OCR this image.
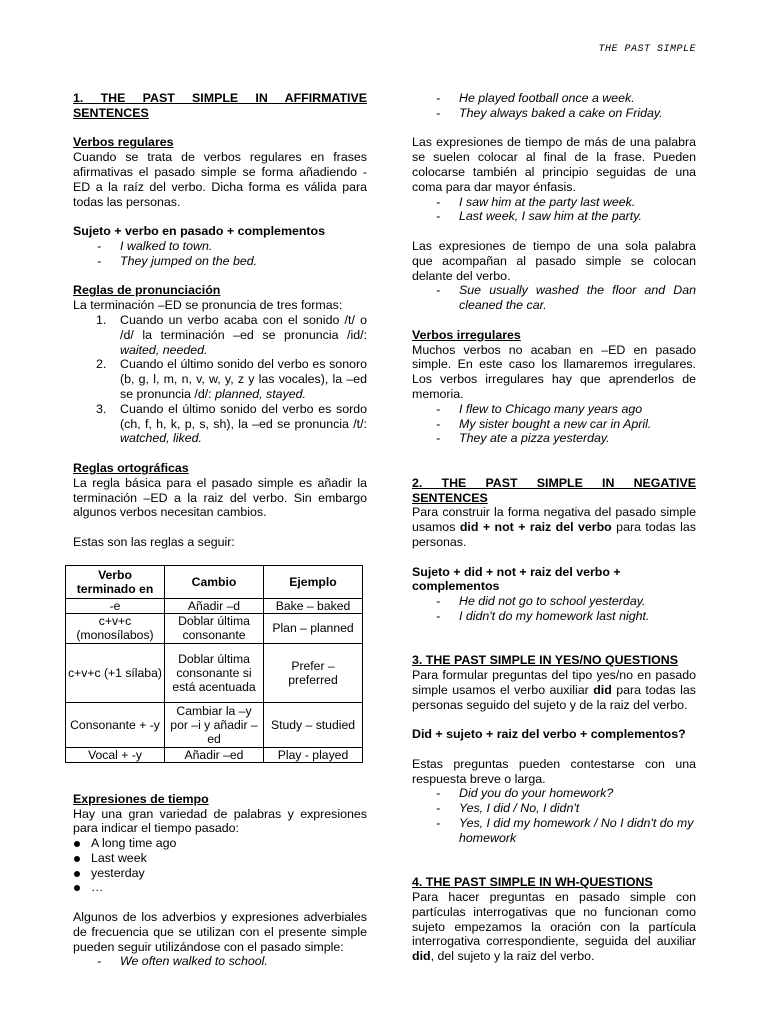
THE PAST SIMPLE

1. THE PAST SIMPLE IN AFFIRMATIVE SENTENCES

Verbos regulares

Cuando se trata de verbos regulares en frases afirmativas el pasado simple se forma añadiendo -ED a la raíz del verbo. Dicha forma es válida para todas las personas.

Sujeto + verbo en pasado + complementos

- I walked to town.

- They jumped on the bed.

Reglas de pronunciación

La terminación –ED se pronuncia de tres formas:

1. Cuando un verbo acaba con el sonido /t/ o /d/ la terminación –ed se pronuncia /id/: waited, needed.

2. Cuando el último sonido del verbo es sonoro (b, g, l, m, n, v, w, y, z y las vocales), la –ed se pronuncia /d/: planned, stayed.

3. Cuando el último sonido del verbo es sordo (ch, f, h, k, p, s, sh), la –ed se pronuncia /t/: watched, liked.

Reglas ortográficas

La regla básica para el pasado simple es añadir la terminación –ED a la raiz del verbo. Sin embargo algunos verbos necesitan cambios.

Estas son las reglas a seguir:

Verbo terminado en	Cambio	Ejemplo
-e	Añadir –d	Bake – baked
c+v+c (monosílabos)	Doblar última consonante	Plan – planned
c+v+c (+1 sílaba)	Doblar última consonante si está acentuada	Prefer – preferred
Consonante + -y	Cambiar la –y por –i y añadir –ed	Study – studied
Vocal + -y	Añadir –ed	Play - played

Expresiones de tiempo

Hay una gran variedad de palabras y expresiones para indicar el tiempo pasado:

A long time ago

Last week

yesterday

…

Algunos de los adverbios y expresiones adverbiales de frecuencia que se utilizan con el presente simple pueden seguir utilizándose con el pasado simple:

- We often walked to school.

- He played football once a week.

- They always baked a cake on Friday.

Las expresiones de tiempo de más de una palabra se suelen colocar al final de la frase. Pueden colocarse también al principio seguidas de una coma para dar mayor énfasis.

- I saw him at the party last week.

- Last week, I saw him at the party.

Las expresiones de tiempo de una sola palabra que acompañan al pasado simple se colocan delante del verbo.

- Sue usually washed the floor and Dan cleaned the car.

Verbos irregulares

Muchos verbos no acaban en –ED en pasado simple. En este caso los llamaremos irregulares. Los verbos irregulares hay que aprenderlos de memoria.

- I flew to Chicago many years ago

- My sister bought a new car in April.

- They ate a pizza yesterday.

2. THE PAST SIMPLE IN NEGATIVE SENTENCES

Para construir la forma negativa del pasado simple usamos did + not + raiz del verbo para todas las personas.

Sujeto + did + not + raiz del verbo + complementos

- He did not go to school yesterday.

- I didn't do my homework last night.

3. THE PAST SIMPLE IN YES/NO QUESTIONS

Para formular preguntas del tipo yes/no en pasado simple usamos el verbo auxiliar did para todas las personas seguido del sujeto y de la raiz del verbo.

Did + sujeto + raiz del verbo + complementos?

Estas preguntas pueden contestarse con una respuesta breve o larga.

- Did you do your homework?

- Yes, I did / No, I didn't

- Yes, I did my homework / No I didn't do my homework

4. THE PAST SIMPLE IN WH-QUESTIONS

Para hacer preguntas en pasado simple con partículas interrogativas que no funcionan como sujeto empezamos la oración con la partícula interrogativa correspondiente, seguida del auxiliar did, del sujeto y la raiz del verbo.
